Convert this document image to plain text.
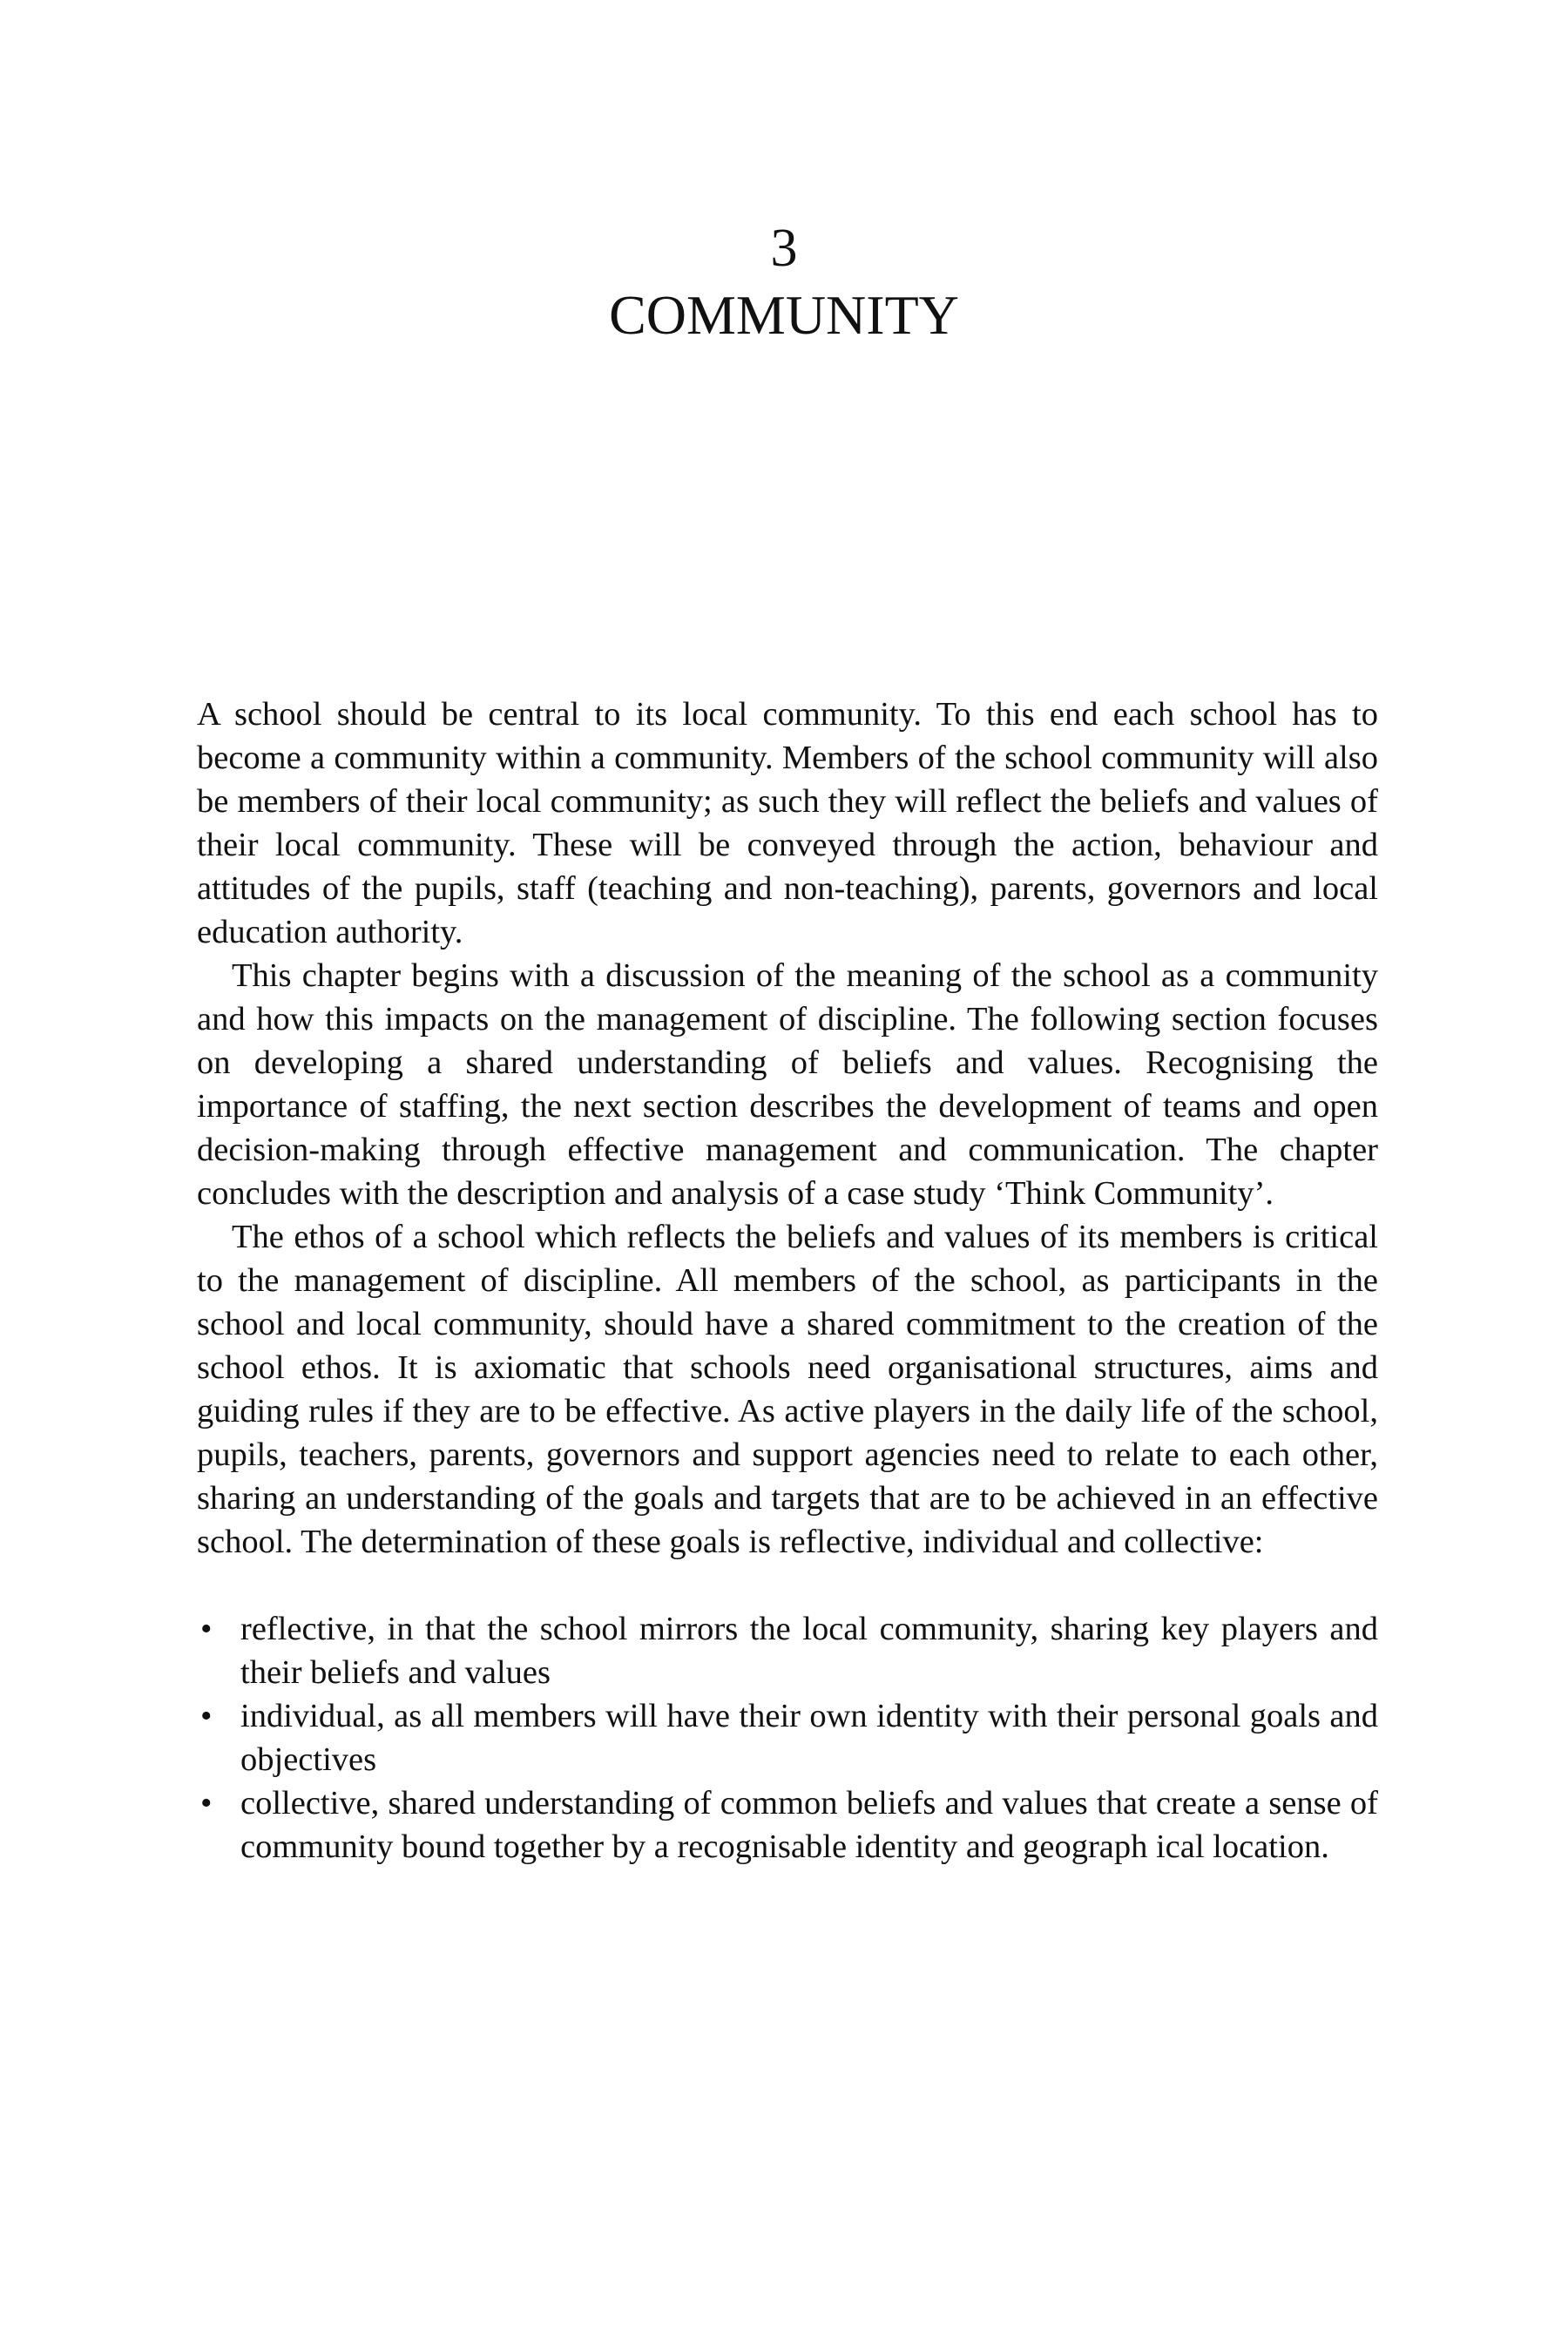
3
COMMUNITY

A school should be central to its local community. To this end each school has to become a community within a community. Members of the school community will also be members of their local community; as such they will reflect the beliefs and values of their local community. These will be conveyed through the action, behaviour and attitudes of the pupils, staff (teaching and non-teaching), parents, governors and local education authority.

This chapter begins with a discussion of the meaning of the school as a community and how this impacts on the management of discipline. The following section focuses on developing a shared understanding of beliefs and values. Recognising the importance of staffing, the next section describes the development of teams and open decision-making through effective management and communication. The chapter concludes with the description and analysis of a case study ‘Think Community’.

The ethos of a school which reflects the beliefs and values of its members is critical to the management of discipline. All members of the school, as participants in the school and local community, should have a shared commitment to the creation of the school ethos. It is axiomatic that schools need organisational structures, aims and guiding rules if they are to be effective. As active players in the daily life of the school, pupils, teachers, parents, governors and support agencies need to relate to each other, sharing an understanding of the goals and targets that are to be achieved in an effective school. The determination of these goals is reflective, individual and collective:

• reflective, in that the school mirrors the local community, sharing key players and their beliefs and values
• individual, as all members will have their own identity with their personal goals and objectives
• collective, shared understanding of common beliefs and values that create a sense of community bound together by a recognisable identity and geograph ical location.
